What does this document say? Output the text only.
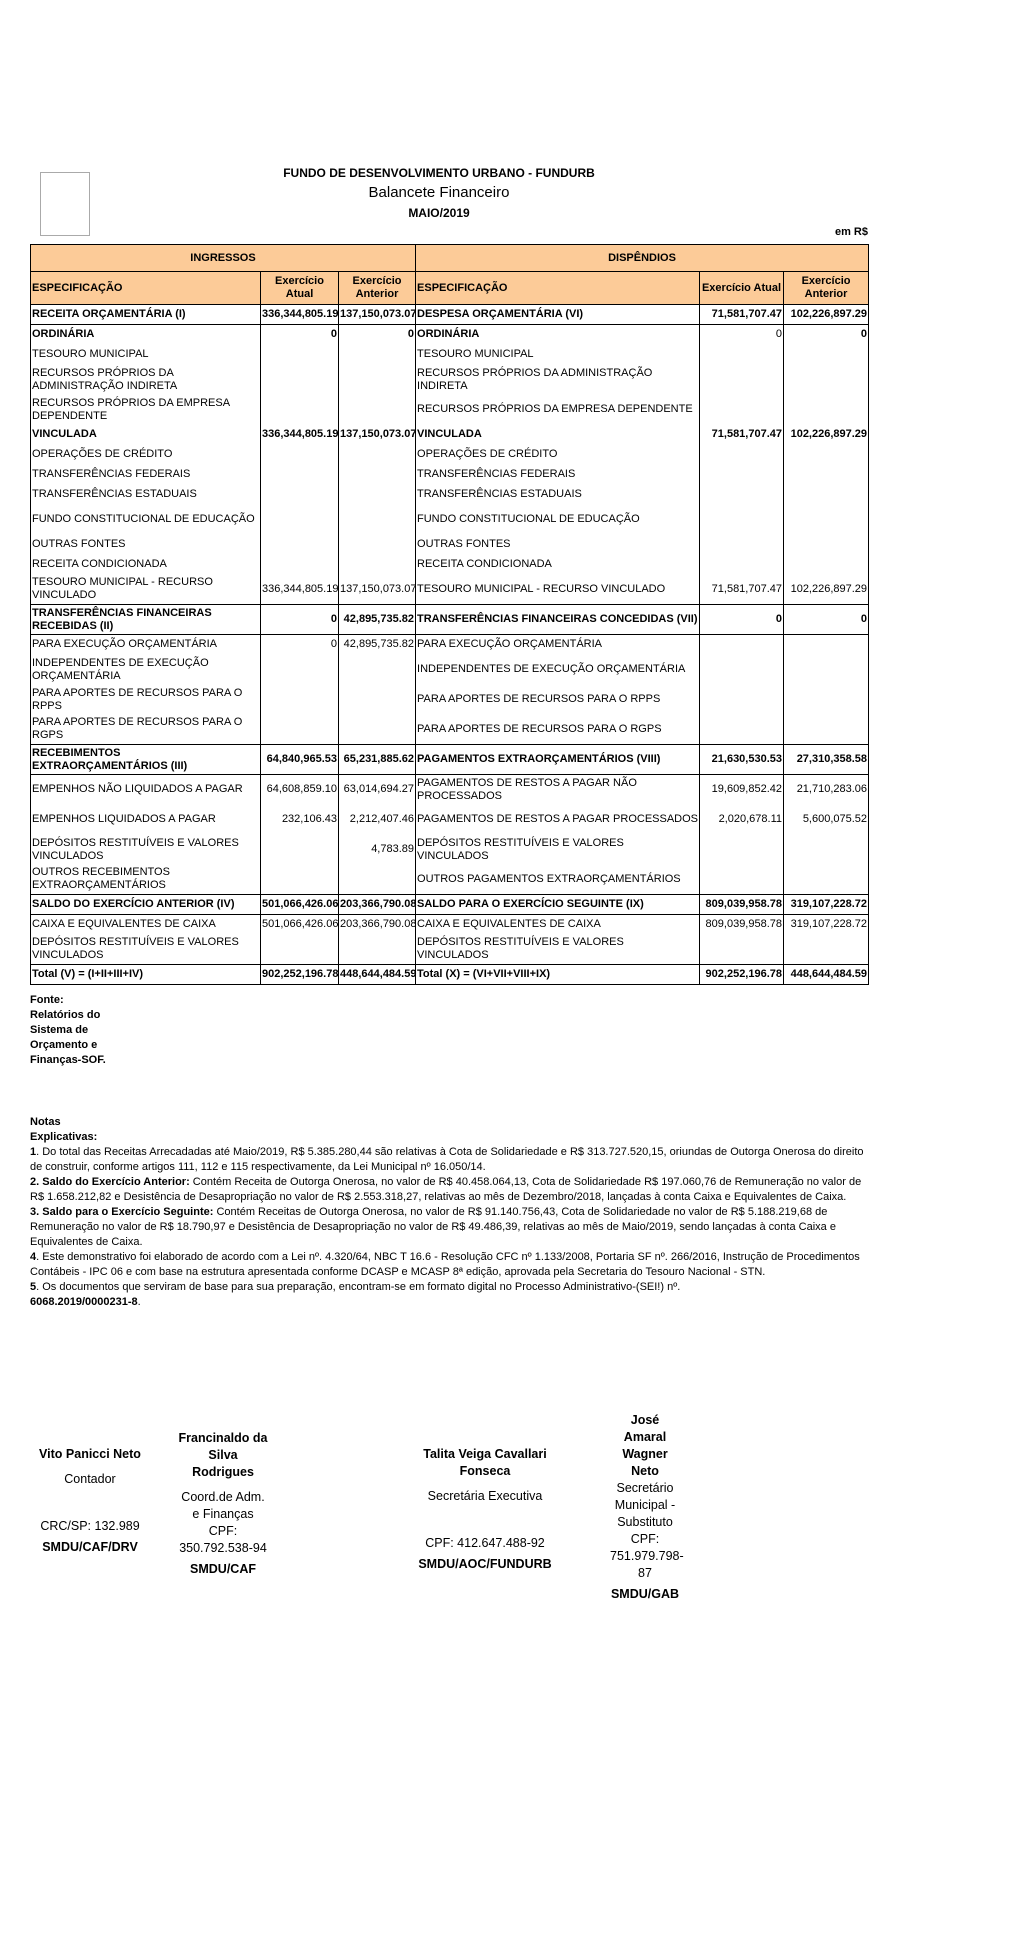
FUNDO DE DESENVOLVIMENTO URBANO - FUNDURB
Balancete Financeiro
MAIO/2019
em R$
INGRESSOS			DISPÊNDIOS		
ESPECIFICAÇÃO	Exercício Atual	Exercício Anterior	ESPECIFICAÇÃO	Exercício Atual	Exercício Anterior
RECEITA ORÇAMENTÁRIA (I)	336,344,805.19	137,150,073.07	DESPESA ORÇAMENTÁRIA (VI)	71,581,707.47	102,226,897.29
ORDINÁRIA	0	0	ORDINÁRIA	0	0
TESOURO MUNICIPAL			TESOURO MUNICIPAL		
RECURSOS PRÓPRIOS DA ADMINISTRAÇÃO INDIRETA			RECURSOS PRÓPRIOS DA ADMINISTRAÇÃO INDIRETA		
RECURSOS PRÓPRIOS DA EMPRESA DEPENDENTE			RECURSOS PRÓPRIOS DA EMPRESA DEPENDENTE		
VINCULADA	336,344,805.19	137,150,073.07	VINCULADA	71,581,707.47	102,226,897.29
OPERAÇÕES DE CRÉDITO			OPERAÇÕES DE CRÉDITO		
TRANSFERÊNCIAS FEDERAIS			TRANSFERÊNCIAS FEDERAIS		
TRANSFERÊNCIAS ESTADUAIS			TRANSFERÊNCIAS ESTADUAIS		
FUNDO CONSTITUCIONAL DE EDUCAÇÃO			FUNDO CONSTITUCIONAL DE EDUCAÇÃO		
OUTRAS FONTES			OUTRAS FONTES		
RECEITA CONDICIONADA			RECEITA CONDICIONADA		
TESOURO MUNICIPAL - RECURSO VINCULADO	336,344,805.19	137,150,073.07	TESOURO MUNICIPAL - RECURSO VINCULADO	71,581,707.47	102,226,897.29
TRANSFERÊNCIAS FINANCEIRAS RECEBIDAS (II)	0	42,895,735.82	TRANSFERÊNCIAS FINANCEIRAS CONCEDIDAS (VII)	0	0
PARA EXECUÇÃO ORÇAMENTÁRIA	0	42,895,735.82	PARA EXECUÇÃO ORÇAMENTÁRIA		
INDEPENDENTES DE EXECUÇÃO ORÇAMENTÁRIA			INDEPENDENTES DE EXECUÇÃO ORÇAMENTÁRIA		
PARA APORTES DE RECURSOS PARA O RPPS			PARA APORTES DE RECURSOS PARA O RPPS		
PARA APORTES DE RECURSOS PARA O RGPS			PARA APORTES DE RECURSOS PARA O RGPS		
RECEBIMENTOS EXTRAORÇAMENTÁRIOS (III)	64,840,965.53	65,231,885.62	PAGAMENTOS EXTRAORÇAMENTÁRIOS (VIII)	21,630,530.53	27,310,358.58
EMPENHOS NÃO LIQUIDADOS A PAGAR	64,608,859.10	63,014,694.27	PAGAMENTOS DE RESTOS A PAGAR NÃO PROCESSADOS	19,609,852.42	21,710,283.06
EMPENHOS LIQUIDADOS A PAGAR	232,106.43	2,212,407.46	PAGAMENTOS DE RESTOS A PAGAR PROCESSADOS	2,020,678.11	5,600,075.52
DEPÓSITOS RESTITUÍVEIS E VALORES VINCULADOS		4,783.89	DEPÓSITOS RESTITUÍVEIS E VALORES VINCULADOS		
OUTROS RECEBIMENTOS EXTRAORÇAMENTÁRIOS			OUTROS PAGAMENTOS EXTRAORÇAMENTÁRIOS		
SALDO DO EXERCÍCIO ANTERIOR (IV)	501,066,426.06	203,366,790.08	SALDO PARA O EXERCÍCIO SEGUINTE (IX)	809,039,958.78	319,107,228.72
CAIXA E EQUIVALENTES DE CAIXA	501,066,426.06	203,366,790.08	CAIXA E EQUIVALENTES DE CAIXA	809,039,958.78	319,107,228.72
DEPÓSITOS RESTITUÍVEIS E VALORES VINCULADOS			DEPÓSITOS RESTITUÍVEIS E VALORES VINCULADOS		
Total (V) = (I+II+III+IV)	902,252,196.78	448,644,484.59	Total (X) = (VI+VII+VIII+IX)	902,252,196.78	448,644,484.59
Fonte: Relatórios do Sistema de Orçamento e Finanças-SOF.
Notas Explicativas:
1. Do total das Receitas Arrecadadas até Maio/2019, R$ 5.385.280,44 são relativas à Cota de Solidariedade e R$ 313.727.520,15, oriundas de Outorga Onerosa do direito de construir, conforme artigos 111, 112 e 115 respectivamente, da Lei Municipal nº 16.050/14.
2. Saldo do Exercício Anterior: Contém Receita de Outorga Onerosa, no valor de R$ 40.458.064,13, Cota de Solidariedade R$ 197.060,76 de Remuneração no valor de R$ 1.658.212,82 e Desistência de Desapropriação no valor de R$ 2.553.318,27, relativas ao mês de Dezembro/2018, lançadas à conta Caixa e Equivalentes de Caixa.
3. Saldo para o Exercício Seguinte: Contém Receitas de Outorga Onerosa, no valor de R$ 91.140.756,43, Cota de Solidariedade no valor de R$ 5.188.219,68 de Remuneração no valor de R$ 18.790,97 e Desistência de Desapropriação no valor de R$ 49.486,39, relativas ao mês de Maio/2019, sendo lançadas à conta Caixa e Equivalentes de Caixa.
4. Este demonstrativo foi elaborado de acordo com a Lei nº. 4.320/64, NBC T 16.6 - Resolução CFC nº 1.133/2008, Portaria SF nº. 266/2016, Instrução de Procedimentos Contábeis - IPC 06 e com base na estrutura apresentada conforme DCASP e MCASP 8ª edição, aprovada pela Secretaria do Tesouro Nacional - STN.
5. Os documentos que serviram de base para sua preparação, encontram-se em formato digital no Processo Administrativo-(SEI!) nº.
6068.2019/0000231-8.
Vito Panicci Neto
Contador
CRC/SP: 132.989
SMDU/CAF/DRV
Francinaldo da Silva Rodrigues
Coord.de Adm. e Finanças
CPF: 350.792.538-94
SMDU/CAF
Talita Veiga Cavallari Fonseca
Secretária Executiva
CPF: 412.647.488-92
SMDU/AOC/FUNDURB
José Amaral Wagner Neto
Secretário Municipal - Substituto
CPF: 751.979.798-87
SMDU/GAB
